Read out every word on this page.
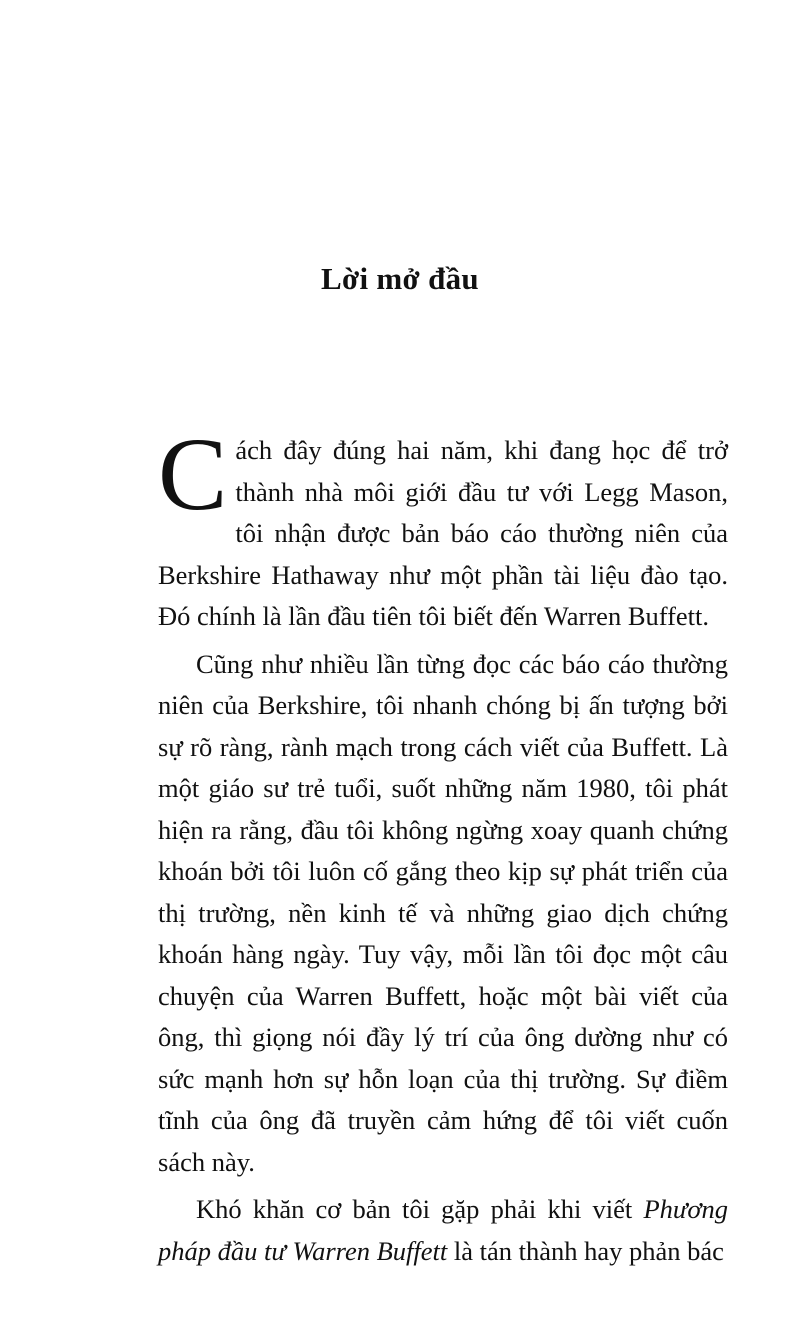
Lời mở đầu

Cách đây đúng hai năm, khi đang học để trở thành nhà môi giới đầu tư với Legg Mason, tôi nhận được bản báo cáo thường niên của Berkshire Hathaway như một phần tài liệu đào tạo. Đó chính là lần đầu tiên tôi biết đến Warren Buffett.

Cũng như nhiều lần từng đọc các báo cáo thường niên của Berkshire, tôi nhanh chóng bị ấn tượng bởi sự rõ ràng, rành mạch trong cách viết của Buffett. Là một giáo sư trẻ tuổi, suốt những năm 1980, tôi phát hiện ra rằng, đầu tôi không ngừng xoay quanh chứng khoán bởi tôi luôn cố gắng theo kịp sự phát triển của thị trường, nền kinh tế và những giao dịch chứng khoán hàng ngày. Tuy vậy, mỗi lần tôi đọc một câu chuyện của Warren Buffett, hoặc một bài viết của ông, thì giọng nói đầy lý trí của ông dường như có sức mạnh hơn sự hỗn loạn của thị trường. Sự điềm tĩnh của ông đã truyền cảm hứng để tôi viết cuốn sách này.

Khó khăn cơ bản tôi gặp phải khi viết Phương pháp đầu tư Warren Buffett là tán thành hay phản bác
